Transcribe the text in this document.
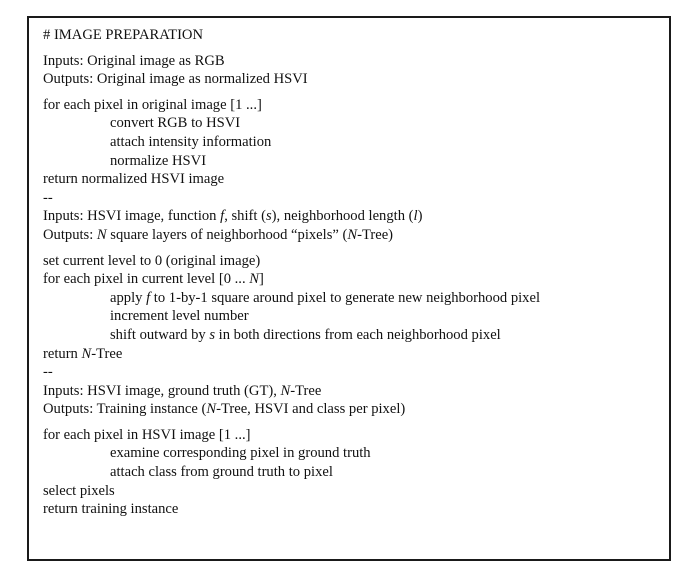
# IMAGE PREPARATION
Inputs: Original image as RGB
Outputs: Original image as normalized HSVI
for each pixel in original image [1 ...]
convert RGB to HSVI
attach intensity information
normalize HSVI
return normalized HSVI image
--
Inputs: HSVI image, function f, shift (s), neighborhood length (l)
Outputs: N square layers of neighborhood “pixels” (N-Tree)
set current level to 0 (original image)
for each pixel in current level [0 ... N]
apply f to 1-by-1 square around pixel to generate new neighborhood pixel
increment level number
shift outward by s in both directions from each neighborhood pixel
return N-Tree
--
Inputs: HSVI image, ground truth (GT), N-Tree
Outputs: Training instance (N-Tree, HSVI and class per pixel)
for each pixel in HSVI image [1 ...]
examine corresponding pixel in ground truth
attach class from ground truth to pixel
select pixels
return training instance
